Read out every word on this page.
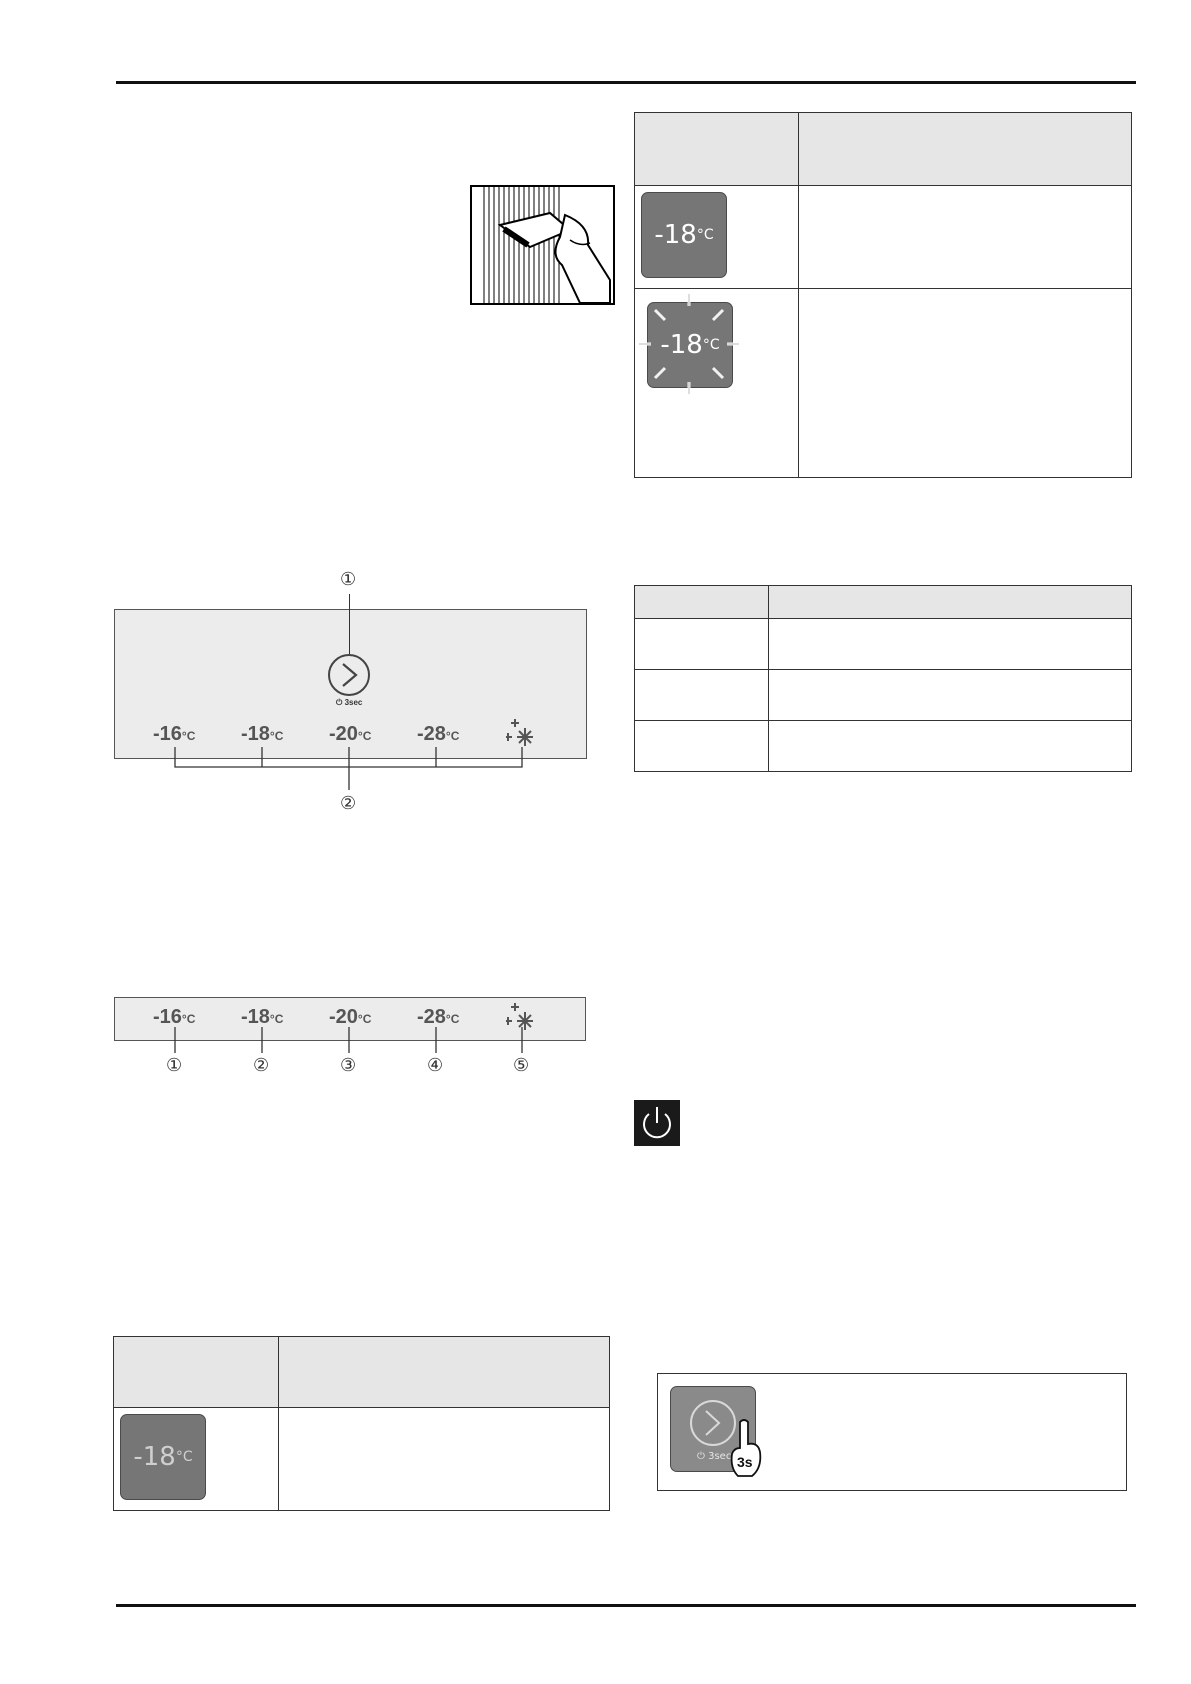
①
⏻ 3sec
-16°C -18°C -20°C -28°C
②
-16°C -18°C -20°C -28°C
①	②	③	④	⑤

-18 °C

-18 °C
-18 °C

⏻ 3sec 3s
